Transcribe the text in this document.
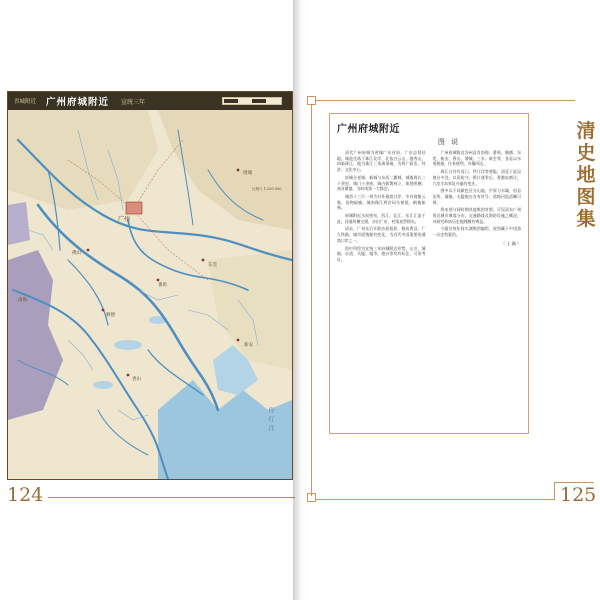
省城附近 广州府城附近 宣统三年
广州
佛山
番禺
南海
顺德
东莞
新安
增城
香山
伶仃洋
比例尺 1:200 000
124
广州府城附近
图 说

清代广州府城为省城广东首府，广东总督驻地。城池坐落于珠江北岸，北依白云山、越秀山，南临珠江，地当珠江三角洲顶端，为两广政治、经济、文化中心。

府城分老城、新城与东西二翼城，城墙周长二十余里，城门十余座。城内衙署林立，街巷纵横，商业繁盛，为岭南第一大都会。

城西十三行一带为对外通商口岸，中外商船云集，货物辐辏。城南珠江两岸码头相望，帆樯如林。

府城附近水网密布，西江、北江、东江汇流于此，河道纵横交错，沙田广布，村落星罗棋布。

清末，广州先后开辟沙面租界，修筑粤汉、广九铁路，城市面貌渐有变化，为近代中国重要的通商口岸之一。

图中所绘为宣统三年府城附近形势，山川、城镇、水道、关隘、墟市、炮台等均有标注，可资考证。

广州府城附近各州县有南海、番禺、顺德、东莞、新安、香山、增城、三水、新会等，各县以水道相通，往来便利，舟楫四达。

珠江口外有虎门、伶仃洋等要隘，清廷于此设炮台多处，以资防守。鸦片战争后，香港岛割让，九龙半岛界址亦屡有变迁。

图中以不同颜色区分山地、平原与水域，府县治所、墟镇、关隘炮台各有符号，道路河流清晰可辨。

将本图与同时期其他舆图对照，可见清末广州附近城乡聚落分布、交通路线及海防设施之概况，对研究岭南历史地理颇有裨益。

今据宣统年间实测舆图编绘，原图藏于中国第一历史档案馆。

（ 王 珊 ）
清
史
地
图
集
125
